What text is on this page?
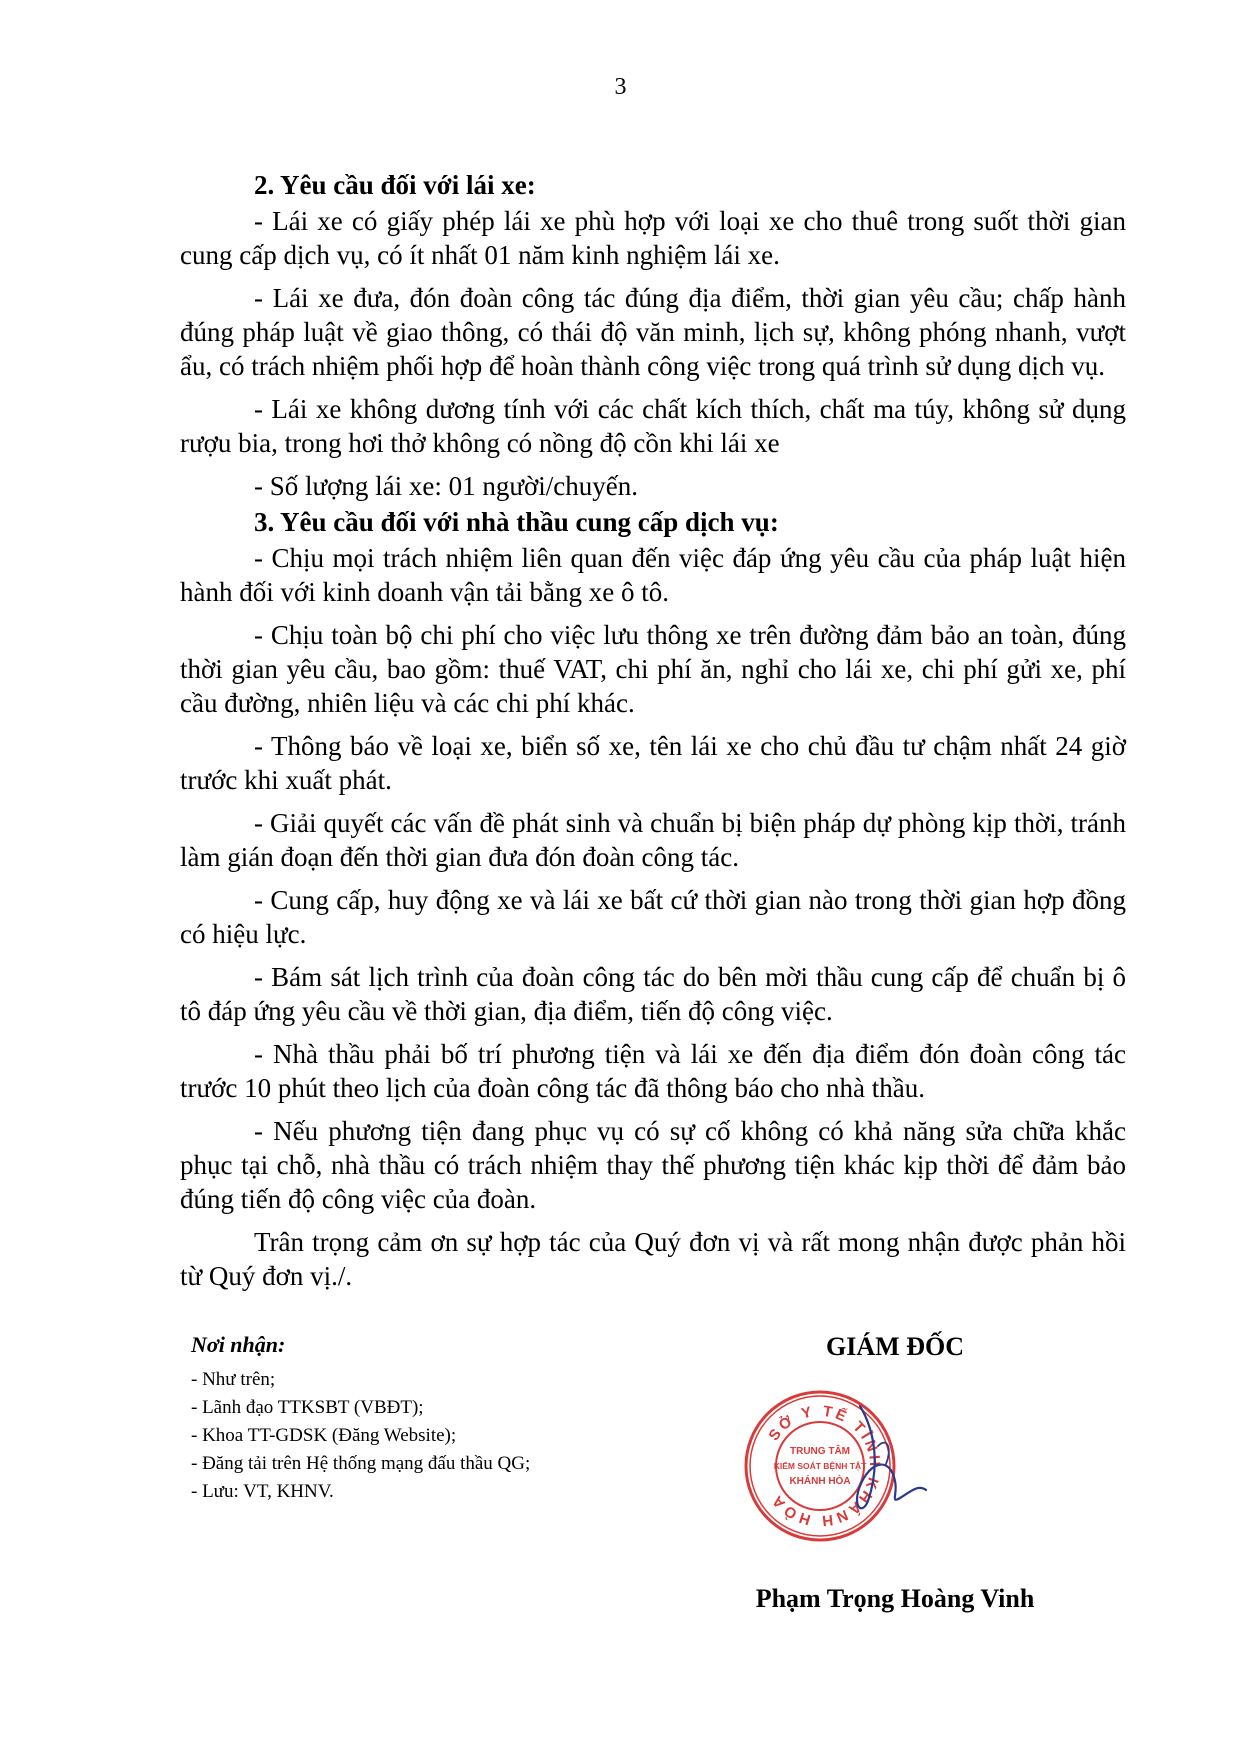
3

2. Yêu cầu đối với lái xe:

- Lái xe có giấy phép lái xe phù hợp với loại xe cho thuê trong suốt thời gian cung cấp dịch vụ, có ít nhất 01 năm kinh nghiệm lái xe.

- Lái xe đưa, đón đoàn công tác đúng địa điểm, thời gian yêu cầu; chấp hành đúng pháp luật về giao thông, có thái độ văn minh, lịch sự, không phóng nhanh, vượt ẩu, có trách nhiệm phối hợp để hoàn thành công việc trong quá trình sử dụng dịch vụ.

- Lái xe không dương tính với các chất kích thích, chất ma túy, không sử dụng rượu bia, trong hơi thở không có nồng độ cồn khi lái xe

- Số lượng lái xe: 01 người/chuyến.

3. Yêu cầu đối với nhà thầu cung cấp dịch vụ:

- Chịu mọi trách nhiệm liên quan đến việc đáp ứng yêu cầu của pháp luật hiện hành đối với kinh doanh vận tải bằng xe ô tô.

- Chịu toàn bộ chi phí cho việc lưu thông xe trên đường đảm bảo an toàn, đúng thời gian yêu cầu, bao gồm: thuế VAT, chi phí ăn, nghỉ cho lái xe, chi phí gửi xe, phí cầu đường, nhiên liệu và các chi phí khác.

- Thông báo về loại xe, biển số xe, tên lái xe cho chủ đầu tư chậm nhất 24 giờ trước khi xuất phát.

- Giải quyết các vấn đề phát sinh và chuẩn bị biện pháp dự phòng kịp thời, tránh làm gián đoạn đến thời gian đưa đón đoàn công tác.

- Cung cấp, huy động xe và lái xe bất cứ thời gian nào trong thời gian hợp đồng có hiệu lực.

- Bám sát lịch trình của đoàn công tác do bên mời thầu cung cấp để chuẩn bị ô tô đáp ứng yêu cầu về thời gian, địa điểm, tiến độ công việc.

- Nhà thầu phải bố trí phương tiện và lái xe đến địa điểm đón đoàn công tác trước 10 phút theo lịch của đoàn công tác đã thông báo cho nhà thầu.

- Nếu phương tiện đang phục vụ có sự cố không có khả năng sửa chữa khắc phục tại chỗ, nhà thầu có trách nhiệm thay thế phương tiện khác kịp thời để đảm bảo đúng tiến độ công việc của đoàn.

Trân trọng cảm ơn sự hợp tác của Quý đơn vị và rất mong nhận được phản hồi từ Quý đơn vị./.

Nơi nhận:

- Như trên;
- Lãnh đạo TTKSBT (VBĐT);
- Khoa TT-GDSK (Đăng Website);
- Đăng tải trên Hệ thống mạng đấu thầu QG;
- Lưu: VT, KHNV.
GIÁM ĐỐC
SỞ Y TẾ TỈNH KHÁNH HÒA
TRUNG TÂM
KIỂM SOÁT BỆNH TẬT
KHÁNH HÒA
Phạm Trọng Hoàng Vinh
